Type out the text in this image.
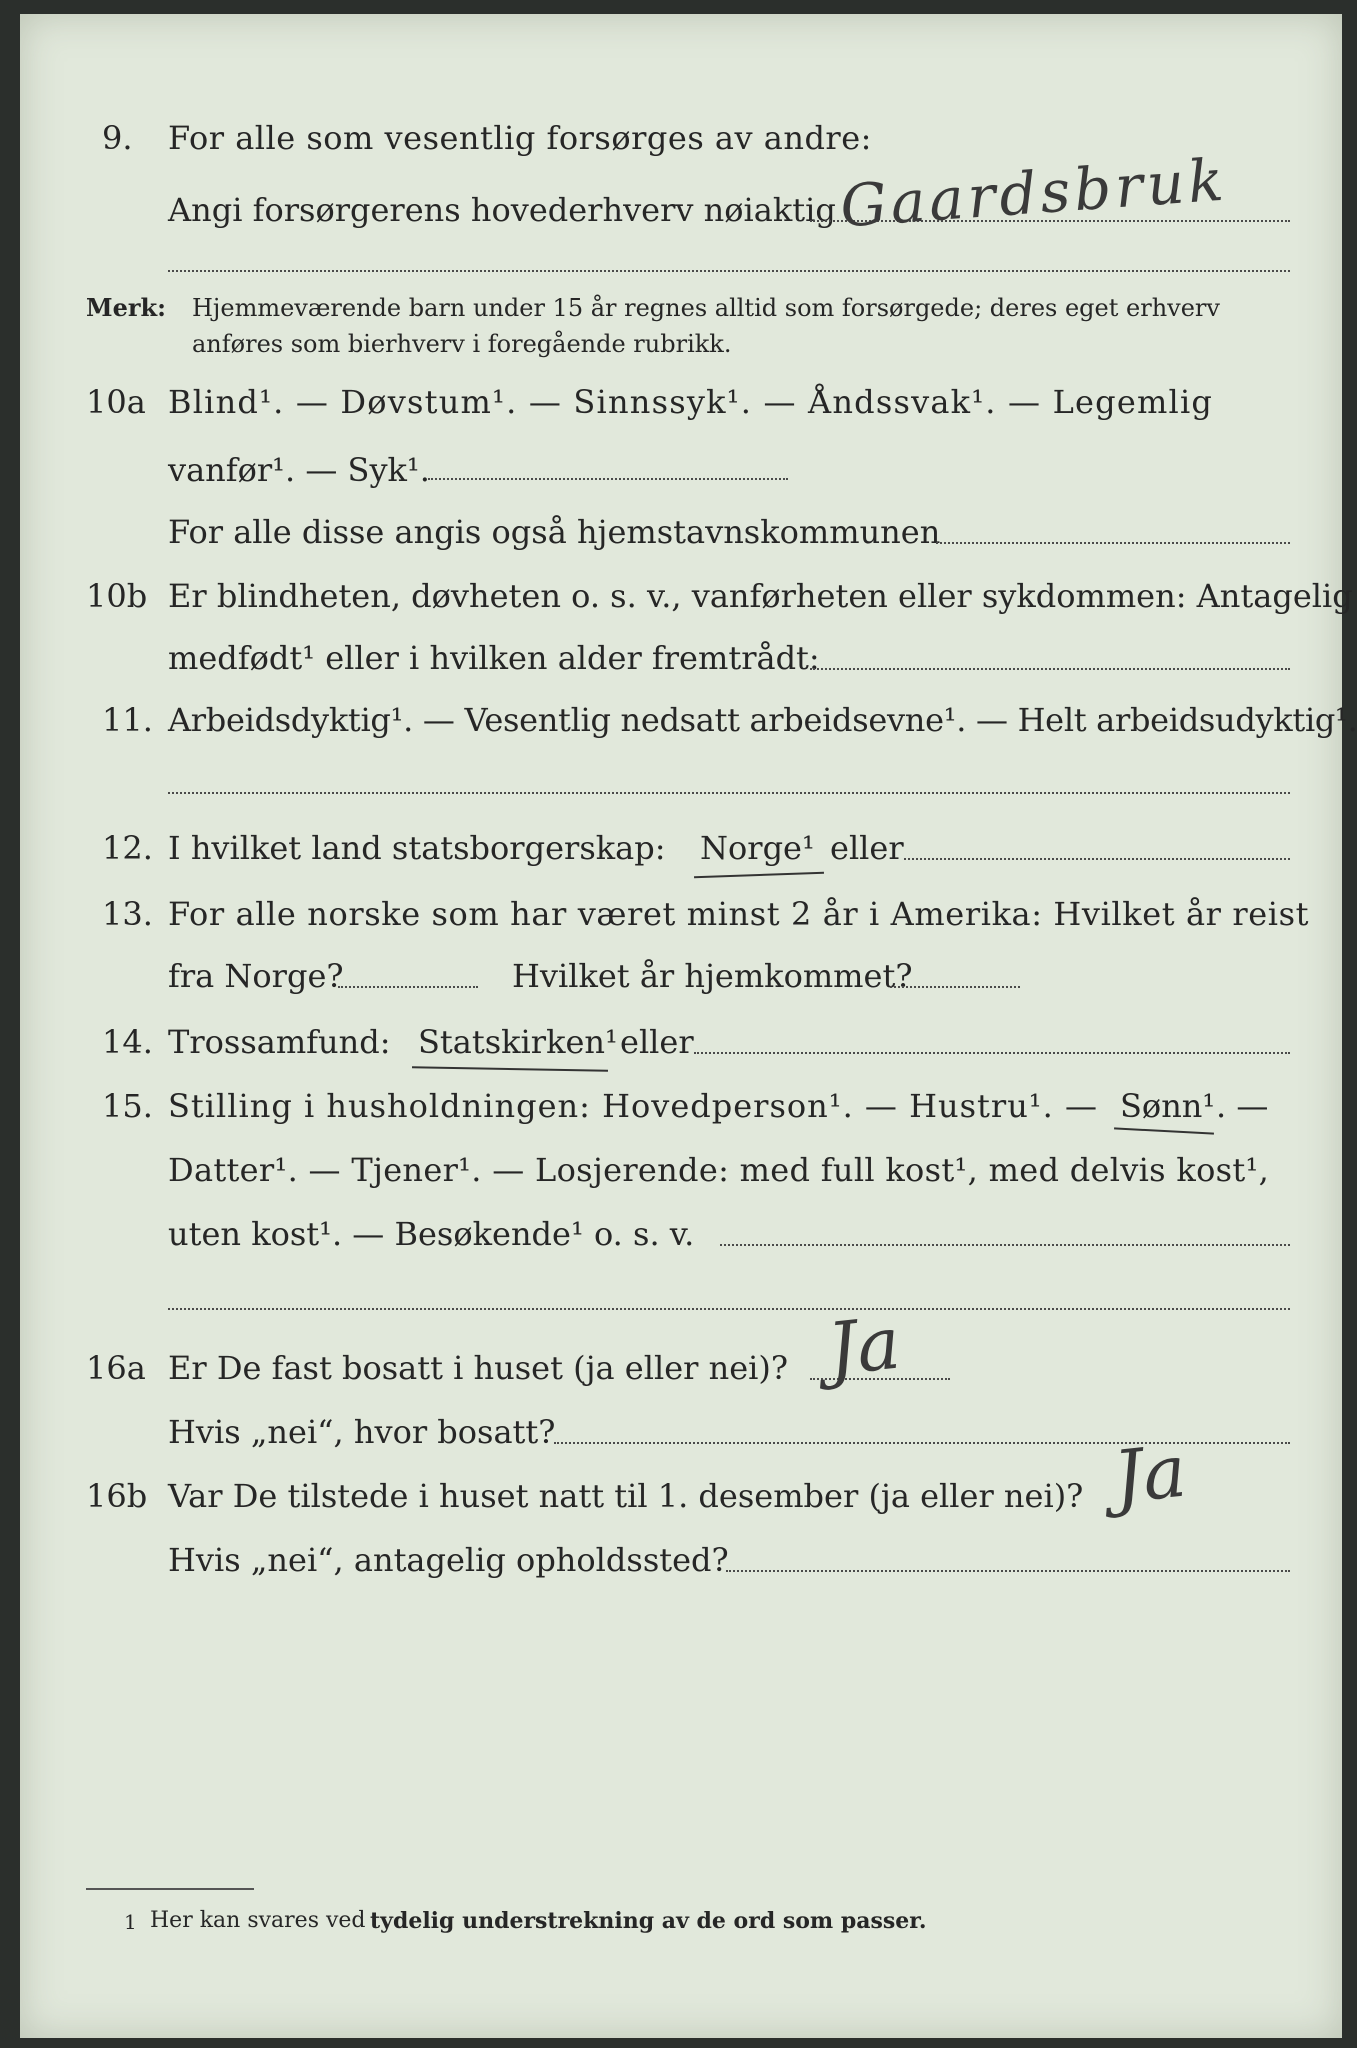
9. For alle som vesentlig forsørges av andre:
Angi forsørgerens hovederhverv nøiaktig Gaardsbruk
Merk: Hjemmeværende barn under 15 år regnes alltid som forsørgede; deres eget erhverv
anføres som bierhverv i foregående rubrikk.
10a Blind¹. — Døvstum¹. — Sinnssyk¹. — Åndssvak¹. — Legemlig
vanfør¹. — Syk¹.
For alle disse angis også hjemstavnskommunen
10b Er blindheten, døvheten o. s. v., vanførheten eller sykdommen: Antagelig
medfødt¹ eller i hvilken alder fremtrådt:
11. Arbeidsdyktig¹. — Vesentlig nedsatt arbeidsevne¹. — Helt arbeidsudyktig¹.
12. I hvilket land statsborgerskap: Norge¹ eller
13. For alle norske som har været minst 2 år i Amerika: Hvilket år reist
fra Norge?	Hvilket år hjemkommet?
14. Trossamfund: Statskirken¹ eller
15. Stilling i husholdningen: Hovedperson¹. — Hustru¹. — Sønn¹ . —
Datter¹. — Tjener¹. — Losjerende: med full kost¹, med delvis kost¹,
uten kost¹. — Besøkende¹ o. s. v.
16a Er De fast bosatt i huset (ja eller nei)? Ja
Hvis „nei“, hvor bosatt?
16b Var De tilstede i huset natt til 1. desember (ja eller nei)? Ja
Hvis „nei“, antagelig opholdssted?
1 Her kan svares ved tydelig understrekning av de ord som passer.
